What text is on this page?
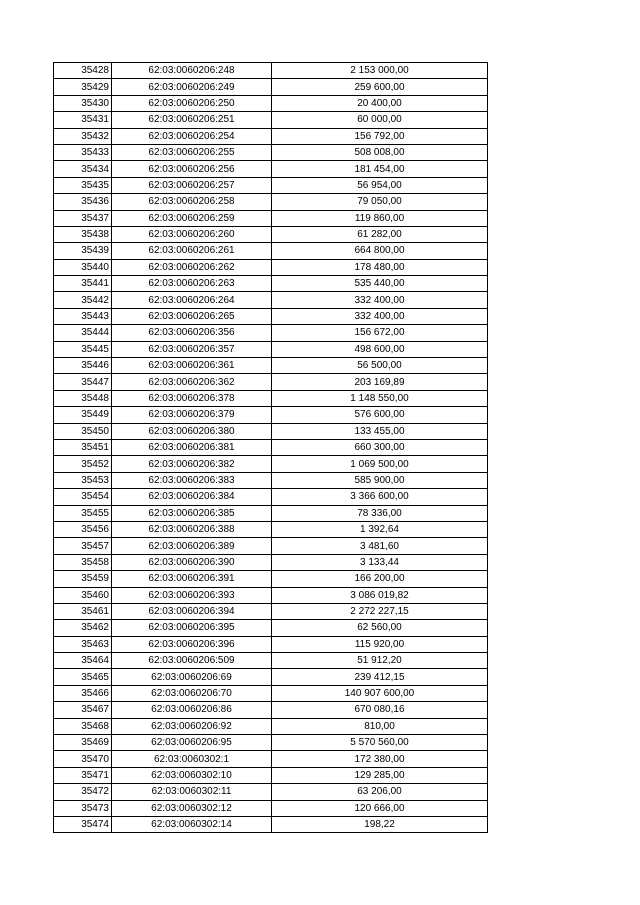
35428	62:03:0060206:248	2 153 000,00
35429	62:03:0060206:249	259 600,00
35430	62:03:0060206:250	20 400,00
35431	62:03:0060206:251	60 000,00
35432	62:03:0060206:254	156 792,00
35433	62:03:0060206:255	508 008,00
35434	62:03:0060206:256	181 454,00
35435	62:03:0060206:257	56 954,00
35436	62:03:0060206:258	79 050,00
35437	62:03:0060206:259	119 860,00
35438	62:03:0060206:260	61 282,00
35439	62:03:0060206:261	664 800,00
35440	62:03:0060206:262	178 480,00
35441	62:03:0060206:263	535 440,00
35442	62:03:0060206:264	332 400,00
35443	62:03:0060206:265	332 400,00
35444	62:03:0060206:356	156 672,00
35445	62:03:0060206:357	498 600,00
35446	62:03:0060206:361	56 500,00
35447	62:03:0060206:362	203 169,89
35448	62:03:0060206:378	1 148 550,00
35449	62:03:0060206:379	576 600,00
35450	62:03:0060206:380	133 455,00
35451	62:03:0060206:381	660 300,00
35452	62:03:0060206:382	1 069 500,00
35453	62:03:0060206:383	585 900,00
35454	62:03:0060206:384	3 366 600,00
35455	62:03:0060206:385	78 336,00
35456	62:03:0060206:388	1 392,64
35457	62:03:0060206:389	3 481,60
35458	62:03:0060206:390	3 133,44
35459	62:03:0060206:391	166 200,00
35460	62:03:0060206:393	3 086 019,82
35461	62:03:0060206:394	2 272 227,15
35462	62:03:0060206:395	62 560,00
35463	62:03:0060206:396	115 920,00
35464	62:03:0060206:509	51 912,20
35465	62:03:0060206:69	239 412,15
35466	62:03:0060206:70	140 907 600,00
35467	62:03:0060206:86	670 080,16
35468	62:03:0060206:92	810,00
35469	62:03:0060206:95	5 570 560,00
35470	62:03:0060302:1	172 380,00
35471	62:03:0060302:10	129 285,00
35472	62:03:0060302:11	63 206,00
35473	62:03:0060302:12	120 666,00
35474	62:03:0060302:14	198,22
